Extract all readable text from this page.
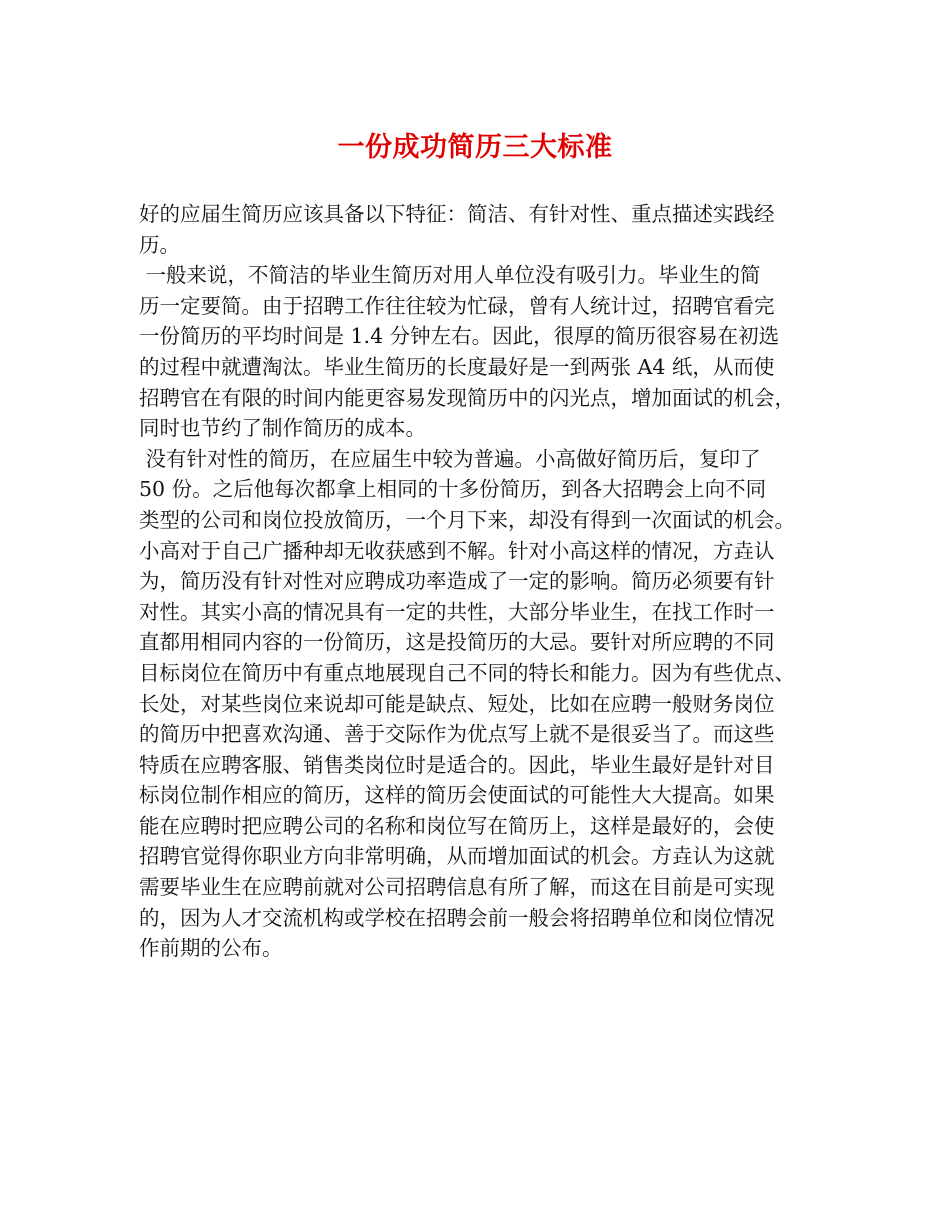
一份成功简历三大标准
好的应届生简历应该具备以下特征：简洁、有针对性、重点描述实践经
历。
一般来说，不简洁的毕业生简历对用人单位没有吸引力。毕业生的简
历一定要简。由于招聘工作往往较为忙碌，曾有人统计过，招聘官看完
一份简历的平均时间是 1.4 分钟左右。因此，很厚的简历很容易在初选
的过程中就遭淘汰。毕业生简历的长度最好是一到两张 A4 纸，从而使
招聘官在有限的时间内能更容易发现简历中的闪光点，增加面试的机会，
同时也节约了制作简历的成本。
没有针对性的简历，在应届生中较为普遍。小高做好简历后，复印了
50 份。之后他每次都拿上相同的十多份简历，到各大招聘会上向不同
类型的公司和岗位投放简历，一个月下来，却没有得到一次面试的机会。
小高对于自己广播种却无收获感到不解。针对小高这样的情况，方垚认
为，简历没有针对性对应聘成功率造成了一定的影响。简历必须要有针
对性。其实小高的情况具有一定的共性，大部分毕业生，在找工作时一
直都用相同内容的一份简历，这是投简历的大忌。要针对所应聘的不同
目标岗位在简历中有重点地展现自己不同的特长和能力。因为有些优点、
长处，对某些岗位来说却可能是缺点、短处，比如在应聘一般财务岗位
的简历中把喜欢沟通、善于交际作为优点写上就不是很妥当了。而这些
特质在应聘客服、销售类岗位时是适合的。因此，毕业生最好是针对目
标岗位制作相应的简历，这样的简历会使面试的可能性大大提高。如果
能在应聘时把应聘公司的名称和岗位写在简历上，这样是最好的，会使
招聘官觉得你职业方向非常明确，从而增加面试的机会。方垚认为这就
需要毕业生在应聘前就对公司招聘信息有所了解，而这在目前是可实现
的，因为人才交流机构或学校在招聘会前一般会将招聘单位和岗位情况
作前期的公布。
